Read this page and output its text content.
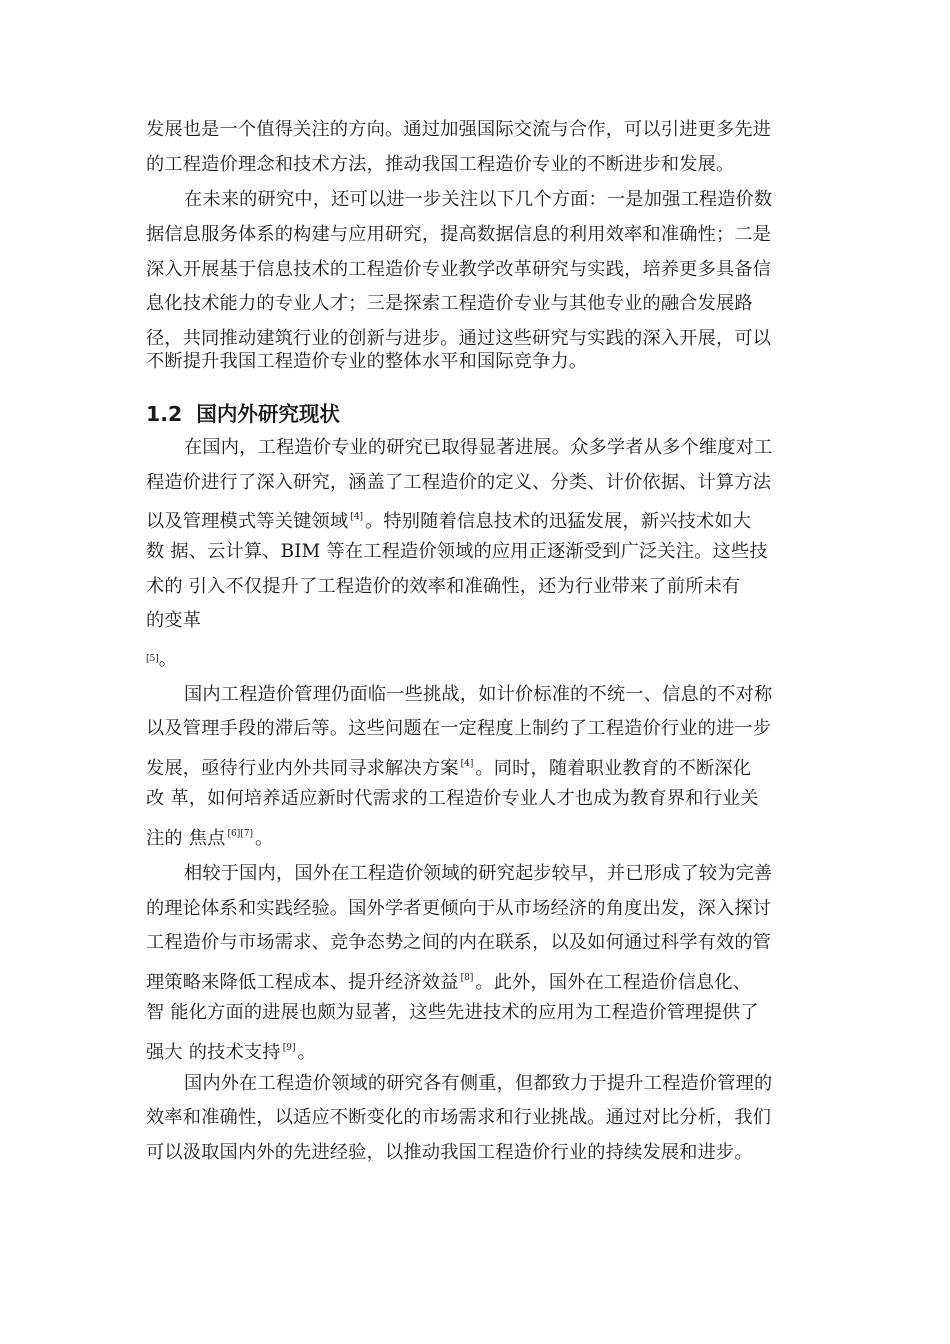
发展也是一个值得关注的方向。通过加强国际交流与合作，可以引进更多先进
的工程造价理念和技术方法，推动我国工程造价专业的不断进步和发展。
在未来的研究中，还可以进一步关注以下几个方面：一是加强工程造价数
据信息服务体系的构建与应用研究，提高数据信息的利用效率和准确性；二是
深入开展基于信息技术的工程造价专业教学改革研究与实践，培养更多具备信
息化技术能力的专业人才；三是探索工程造价专业与其他专业的融合发展路
径，共同推动建筑行业的创新与进步。通过这些研究与实践的深入开展，可以
不断提升我国工程造价专业的整体水平和国际竞争力。
1.2 国内外研究现状
在国内，工程造价专业的研究已取得显著进展。众多学者从多个维度对工
程造价进行了深入研究，涵盖了工程造价的定义、分类、计价依据、计算方法
以及管理模式等关键领域 [4] 。特别随着信息技术的迅猛发展，新兴技术如大
数 据、云计算、BIM 等在工程造价领域的应用正逐渐受到广泛关注。这些技
术的 引入不仅提升了工程造价的效率和准确性，还为行业带来了前所未有
的变革
[5]。
国内工程造价管理仍面临一些挑战，如计价标准的不统一、信息的不对称
以及管理手段的滞后等。这些问题在一定程度上制约了工程造价行业的进一步
发展，亟待行业内外共同寻求解决方案 [4] 。同时，随着职业教育的不断深化
改 革，如何培养适应新时代需求的工程造价专业人才也成为教育界和行业关
注的 焦点 [6][7] 。
相较于国内，国外在工程造价领域的研究起步较早，并已形成了较为完善
的理论体系和实践经验。国外学者更倾向于从市场经济的角度出发，深入探讨
工程造价与市场需求、竞争态势之间的内在联系，以及如何通过科学有效的管
理策略来降低工程成本、提升经济效益 [8] 。此外，国外在工程造价信息化、
智 能化方面的进展也颇为显著，这些先进技术的应用为工程造价管理提供了
强大 的技术支持 [9] 。
国内外在工程造价领域的研究各有侧重，但都致力于提升工程造价管理的
效率和准确性，以适应不断变化的市场需求和行业挑战。通过对比分析，我们
可以汲取国内外的先进经验，以推动我国工程造价行业的持续发展和进步。
